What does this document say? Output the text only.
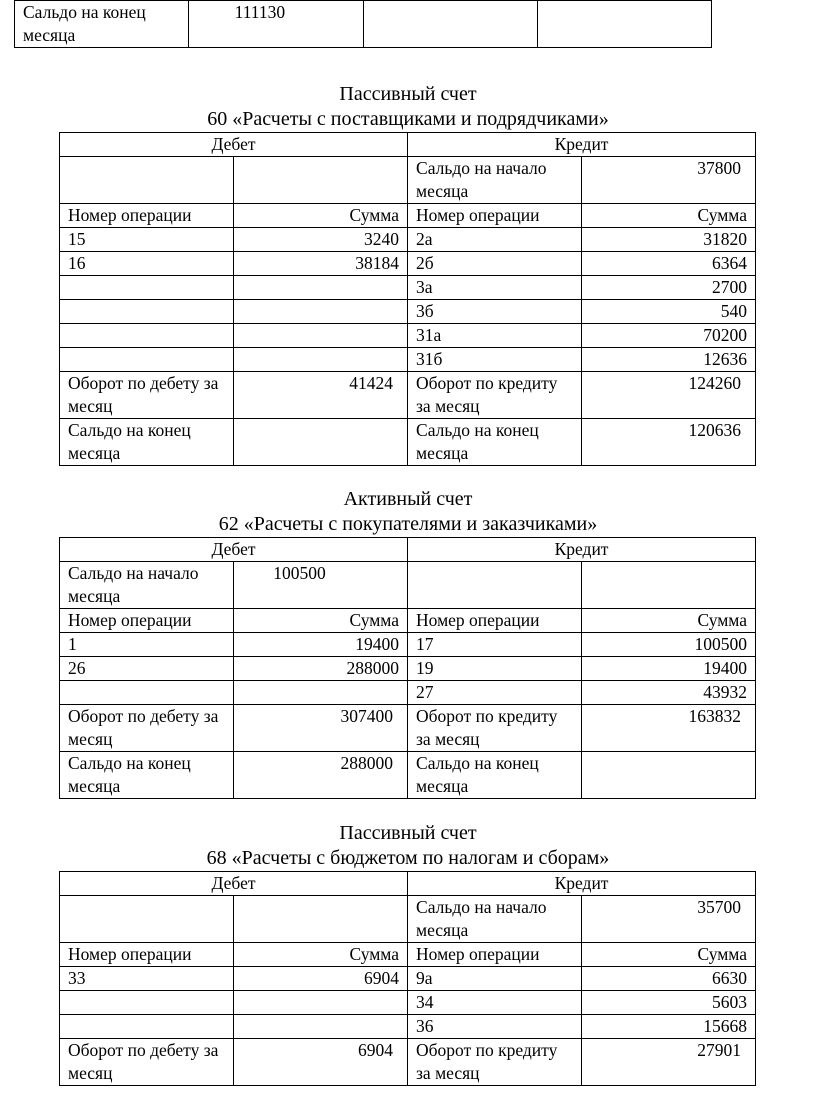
Сальдо на конец месяца	111130		
Пассивный счет
60 «Расчеты с поставщиками и подрядчиками»
Дебет		Кредит	
		Сальдо на начало месяца	37800
Номер операции	Сумма	Номер операции	Сумма
15	3240	2а	31820
16	38184	2б	6364
		3а	2700
		3б	540
		31а	70200
		31б	12636
Оборот по дебету за месяц	41424	Оборот по кредиту за месяц	124260
Сальдо на конец месяца		Сальдо на конец месяца	120636
Активный счет
62 «Расчеты с покупателями и заказчиками»
Дебет		Кредит	
Сальдо на начало месяца	100500		
Номер операции	Сумма	Номер операции	Сумма
1	19400	17	100500
26	288000	19	19400
		27	43932
Оборот по дебету за месяц	307400	Оборот по кредиту за месяц	163832
Сальдо на конец месяца	288000	Сальдо на конец месяца	
Пассивный счет
68 «Расчеты с бюджетом по налогам и сборам»
Дебет		Кредит	
		Сальдо на начало месяца	35700
Номер операции	Сумма	Номер операции	Сумма
33	6904	9а	6630
		34	5603
		36	15668
Оборот по дебету за месяц	6904	Оборот по кредиту за месяц	27901
